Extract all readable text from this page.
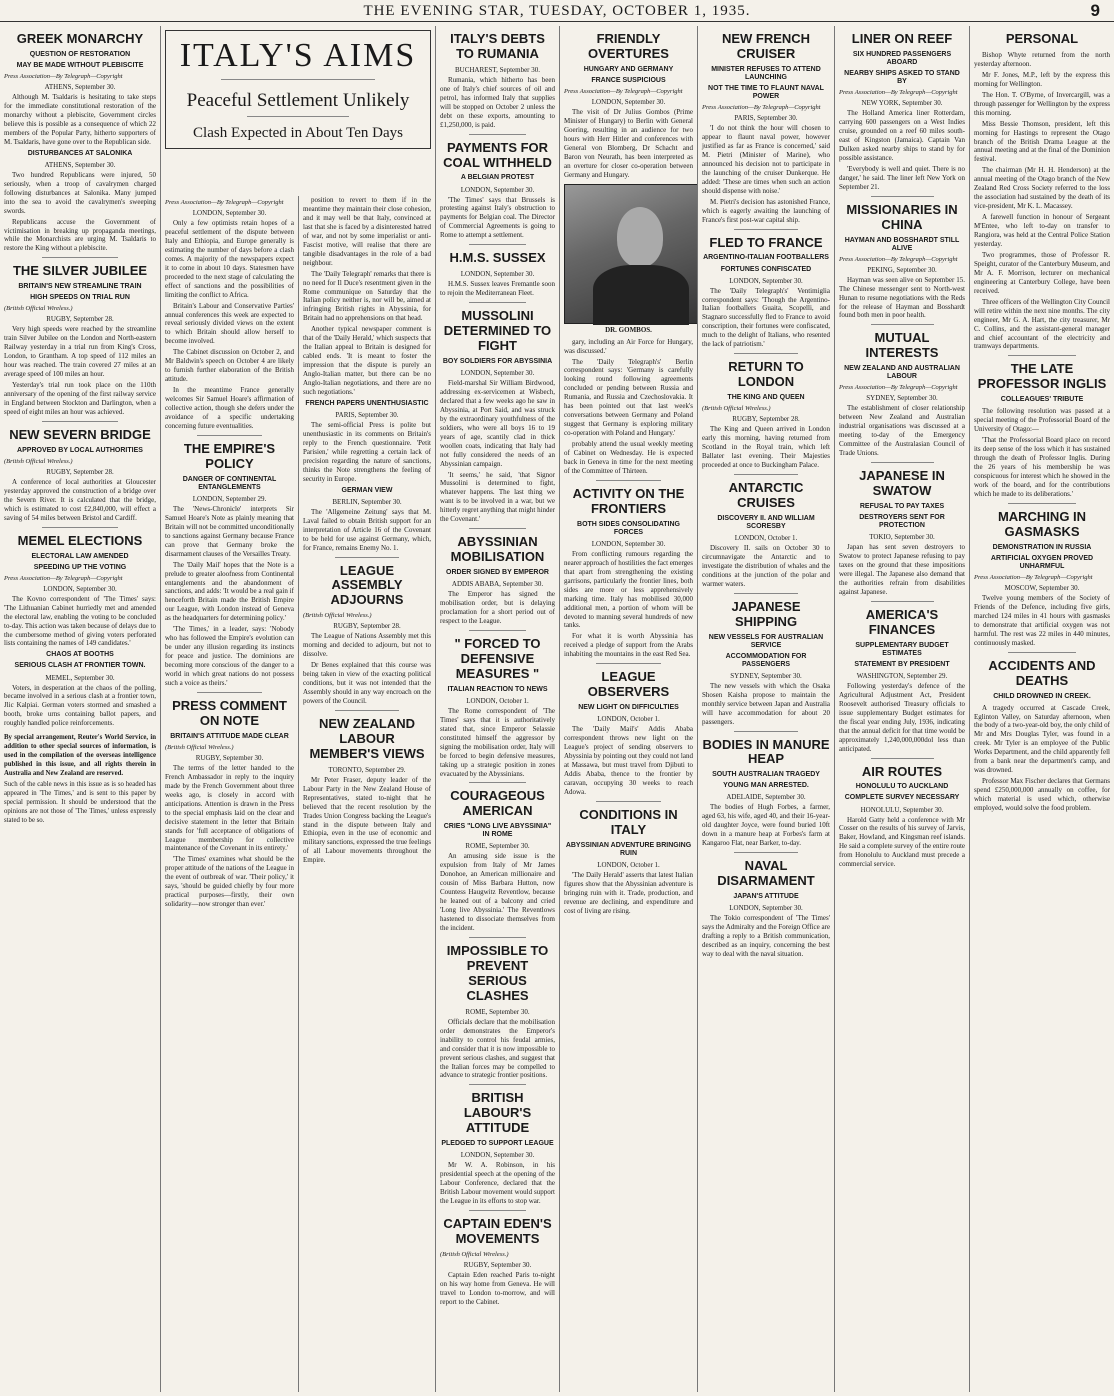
THE EVENING STAR, TUESDAY, OCTOBER 1, 1935.	9
GREEK MONARCHY
QUESTION OF RESTORATION
MAY BE MADE WITHOUT PLEBISCITE
Press Association—By Telegraph—Copyright
ATHENS, September 30.

Although M. Tsaldaris is hesitating to take steps for the immediate constitutional restoration of the monarchy without a plebiscite, Government circles believe this is possible as a consequence of which 22 members of the Popular Party, hitherto supporters of M. Tsaldaris, have gone over to the Republican side.

DISTURBANCES AT SALONIKA
ATHENS, September 30.

Two hundred Republicans were injured, 50 seriously, when a troop of cavalrymen charged following disturbances at Salonika. Many jumped into the sea to avoid the cavalrymen's sweeping swords.

Republicans accuse the Government of victimisation in breaking up propaganda meetings, while the Monarchists are urging M. Tsaldaris to restore the King without a plebiscite.

THE SILVER JUBILEE
BRITAIN'S NEW STREAMLINE TRAIN
HIGH SPEEDS ON TRIAL RUN
(British Official Wireless.)
RUGBY, September 28.

Very high speeds were reached by the streamline train Silver Jubilee on the London and North-eastern Railway yesterday in a trial run from King's Cross, London, to Grantham. A top speed of 112 miles an hour was reached. The train covered 27 miles at an average speed of 100 miles an hour.

Yesterday's trial run took place on the 110th anniversary of the opening of the first railway service in England between Stockton and Darlington, when a speed of eight miles an hour was achieved.

NEW SEVERN BRIDGE
APPROVED BY LOCAL AUTHORITIES
(British Official Wireless.)
RUGBY, September 28.

A conference of local authorities at Gloucester yesterday approved the construction of a bridge over the Severn River. It is calculated that the bridge, which is estimated to cost £2,840,000, will effect a saving of 54 miles between Bristol and Cardiff.

MEMEL ELECTIONS
ELECTORAL LAW AMENDED
SPEEDING UP THE VOTING
Press Association—By Telegraph—Copyright
LONDON, September 30.

The Kovno correspondent of 'The Times' says: 'The Lithuanian Cabinet hurriedly met and amended the electoral law, enabling the voting to be concluded to-day. This action was taken because of delays due to the cumbersome method of giving voters perforated lists containing the names of 149 candidates.'

CHAOS AT BOOTHS
SERIOUS CLASH AT FRONTIER TOWN.
MEMEL, September 30.

Voters, in desperation at the chaos of the polling, became involved in a serious clash at a frontier town, Jlic Kalpiai. German voters stormed and smashed a booth, broke urns containing ballot papers, and roughly handled police reinforcements.

By special arrangement, Reuter's World Service, in addition to other special sources of information, is used in the compilation of the overseas intelligence published in this issue, and all rights therein in Australia and New Zealand are reserved.
Such of the cable news in this issue as is so headed has appeared in 'The Times,' and is sent to this paper by special permission. It should be understood that the opinions are not those of 'The Times,' unless expressly stated to be so.
ITALY'S AIMS
Peaceful Settlement Unlikely
Clash Expected in About Ten Days
Press Association—By Telegraph—Copyright
LONDON, September 30.

Only a few optimists retain hopes of a peaceful settlement of the dispute between Italy and Ethiopia, and Europe generally is estimating the number of days before a clash comes. A majority of the newspapers expect it to come in about 10 days. Statesmen have proceeded to the next stage of calculating the effect of sanctions and the possibilities of limiting the conflict to Africa.

Britain's Labour and Conservative Parties' annual conferences this week are expected to reveal seriously divided views on the extent to which Britain should allow herself to become involved.

The Cabinet discussion on October 2, and Mr Baldwin's speech on October 4 are likely to furnish further elaboration of the British attitude.

In the meantime France generally welcomes Sir Samuel Hoare's affirmation of collective action, though she defers under the avoidance of a specific undertaking concerning future eventualities.

THE EMPIRE'S POLICY
DANGER OF CONTINENTAL ENTANGLEMENTS
LONDON, September 29.

The 'News-Chronicle' interprets Sir Samuel Hoare's Note as plainly meaning that Britain will not be committed unconditionally to sanctions against Germany because France can prove that Germany broke the disarmament clauses of the Versailles Treaty.

The 'Daily Mail' hopes that the Note is a prelude to greater aloofness from Continental entanglements and the abandonment of sanctions, and adds: 'It would be a real gain if henceforth Britain made the British Empire our League, with London instead of Geneva as the headquarters for determining policy.'

'The Times,' in a leader, says: 'Nobody who has followed the Empire's evolution can be under any illusion regarding its instincts for peace and justice. The dominions are becoming more conscious of the danger to a world in which great nations do not possess such a voice as theirs.'

PRESS COMMENT ON NOTE
BRITAIN'S ATTITUDE MADE CLEAR
(British Official Wireless.)
RUGBY, September 30.

The terms of the letter handed to the French Ambassador in reply to the inquiry made by the French Government about three weeks ago, is closely in accord with anticipations. Attention is drawn in the Press to the special emphasis laid on the clear and decisive statement in the letter that Britain stands for 'full acceptance of obligations of League membership for collective maintenance of the Covenant in its entirety.'

'The Times' examines what should be the proper attitude of the nations of the League in the event of outbreak of war. 'Their policy,' it says, 'should be guided chiefly by four more practical purposes—firstly, their own solidarity—now stronger than ever.'

position to revert to them if in the meantime they maintain their close cohesion, and it may well be that Italy, convinced at last that she is faced by a disinterested hatred of war, and not by some imperialist or anti-Fascist motive, will realise that there are tangible disadvantages in the role of a bad neighbour.

The 'Daily Telegraph' remarks that there is no need for Il Duce's resentment given in the Rome communique on Saturday that the Italian policy neither is, nor will be, aimed at infringing British rights in Abyssinia, for Britain had no apprehensions on that head.

Another typical newspaper comment is that of the 'Daily Herald,' which suspects that the Italian appeal to Britain is designed for cabled ends. 'It is meant to foster the impression that the dispute is purely an Anglo-Italian matter, but there can be no Anglo-Italian negotiations, and there are no such negotiations.'

FRENCH PAPERS UNENTHUSIASTIC
PARIS, September 30.

The semi-official Press is polite but unenthusiastic in its comments on Britain's reply to the French questionnaire. 'Petit Parisien,' while regretting a certain lack of precision regarding the nature of sanctions, thinks the Note strengthens the feeling of security in Europe.

GERMAN VIEW
BERLIN, September 30.

The 'Allgemeine Zeitung' says that M. Laval failed to obtain British support for an interpretation of Article 16 of the Covenant to be held for use against Germany, which, for France, remains Enemy No. 1.

LEAGUE ASSEMBLY ADJOURNS
(British Official Wireless.)
RUGBY, September 28.

The League of Nations Assembly met this morning and decided to adjourn, but not to dissolve.

Dr Benes explained that this course was being taken in view of the exacting political conditions, but it was not intended that the Assembly should in any way encroach on the powers of the Council.

NEW ZEALAND LABOUR MEMBER'S VIEWS
TORONTO, September 29.

Mr Peter Fraser, deputy leader of the Labour Party in the New Zealand House of Representatives, stated to-night that he believed that the recent resolution by the Trades Union Congress backing the League's stand in the dispute between Italy and Ethiopia, even in the use of economic and military sanctions, expressed the true feelings of all Labour movements throughout the Empire.

ITALY'S DEBTS TO RUMANIA
BUCHAREST, September 30.

Rumania, which hitherto has been one of Italy's chief sources of oil and petrol, has informed Italy that supplies will be stopped on October 2 unless the debt on these exports, amounting to £1,250,000, is paid.

PAYMENTS FOR COAL WITHHELD
A BELGIAN PROTEST
LONDON, September 30.

'The Times' says that Brussels is protesting against Italy's obstruction to payments for Belgian coal. The Director of Commercial Agreements is going to Rome to attempt a settlement.

H.M.S. SUSSEX
LONDON, September 30.

H.M.S. Sussex leaves Fremantle soon to rejoin the Mediterranean Fleet.

MUSSOLINI DETERMINED TO FIGHT
BOY SOLDIERS FOR ABYSSINIA
LONDON, September 30.

Field-marshal Sir William Birdwood, addressing ex-servicemen at Wisbech, declared that a few weeks ago he saw in Abyssinia, at Port Said, and was struck by the extraordinary youthfulness of the soldiers, who were all boys 16 to 19 years of age, scantily clad in thick woollen coats, indicating that Italy had not fully considered the needs of an Abyssinian campaign.

'It seems,' he said, 'that Signor Mussolini is determined to fight, whatever happens. The last thing we want is to be involved in a war, but we hitterly regret anything that might hinder the Covenant.'

ABYSSINIAN MOBILISATION
ORDER SIGNED BY EMPEROR
ADDIS ABABA, September 30.

The Emperor has signed the mobilisation order, but is delaying proclamation for a short period out of respect to the League.

" FORCED TO DEFENSIVE MEASURES "
ITALIAN REACTION TO NEWS
LONDON, October 1.

The Rome correspondent of 'The Times' says that it is authoritatively stated that, since Emperor Selassie constituted himself the aggressor by signing the mobilisation order, Italy will be forced to begin defensive measures, taking up a strategic position in zones evacuated by the Abyssinians.

COURAGEOUS AMERICAN
CRIES "LONG LIVE ABYSSINIA" IN ROME
ROME, September 30.

An amusing side issue is the expulsion from Italy of Mr James Donohoe, an American millionaire and cousin of Miss Barbara Hutton, now Countess Haugwitz Reventlow, because he leaned out of a balcony and cried 'Long live Abyssinia.' The Reventlows hastened to dissociate themselves from the incident.

IMPOSSIBLE TO PREVENT SERIOUS CLASHES
ROME, September 30.

Officials declare that the mobilisation order demonstrates the Emperor's inability to control his feudal armies, and consider that it is now impossible to prevent serious clashes, and suggest that the Italian forces may be compelled to advance to strategic frontier positions.

BRITISH LABOUR'S ATTITUDE
PLEDGED TO SUPPORT LEAGUE
LONDON, September 30.

Mr W. A. Robinson, in his presidential speech at the opening of the Labour Conference, declared that the British Labour movement would support the League in its efforts to stop war.

CAPTAIN EDEN'S MOVEMENTS
(British Official Wireless.)
RUGBY, September 30.

Captain Eden reached Paris to-night on his way home from Geneva. He will travel to London to-morrow, and will report to the Cabinet.

FRIENDLY OVERTURES
HUNGARY AND GERMANY
FRANCE SUSPICIOUS
Press Association—By Telegraph—Copyright
LONDON, September 30.

The visit of Dr Julius Gombos (Prime Minister of Hungary) to Berlin with General Goering, resulting in an audience for two hours with Herr Hitler and conferences with General von Blomberg, Dr Schacht and Baron von Neurath, has been interpreted as an overture for closer co-operation between Germany and Hungary.

DR. GOMBOS.

gary, including an Air Force for Hungary, was discussed.'

The 'Daily Telegraph's' Berlin correspondent says: 'Germany is carefully looking round following agreements concluded or pending between Russia and Rumania, and Russia and Czechoslovakia. It has been pointed out that last week's conversations between Germany and Poland suggest that Germany is exploring military co-operation with Poland and Hungary.'

probably attend the usual weekly meeting of Cabinet on Wednesday. He is expected back in Geneva in time for the next meeting of the Committee of Thirteen.

ACTIVITY ON THE FRONTIERS
BOTH SIDES CONSOLIDATING FORCES
LONDON, September 30.

From conflicting rumours regarding the nearer approach of hostilities the fact emerges that apart from strengthening the existing garrisons, particularly the frontier lines, both sides are more or less apprehensively marking time. Italy has mobilised 30,000 additional men, a portion of whom will be devoted to manning several hundreds of new tanks.

For what it is worth Abyssinia has received a pledge of support from the Arabs inhabiting the mountains in the east Red Sea.

LEAGUE OBSERVERS
NEW LIGHT ON DIFFICULTIES
LONDON, October 1.

The 'Daily Mail's' Addis Ababa correspondent throws new light on the League's project of sending observers to Abyssinia by pointing out they could not land at Massawa, but must travel from Djibuti to Addis Ababa, thence to the frontier by caravan, occupying 30 weeks to reach Adowa.

CONDITIONS IN ITALY
ABYSSINIAN ADVENTURE BRINGING RUIN
LONDON, October 1.

'The Daily Herald' asserts that latest Italian figures show that the Abyssinian adventure is bringing ruin with it. Trade, production, and revenue are declining, and expenditure and cost of living are rising.

NEW FRENCH CRUISER
MINISTER REFUSES TO ATTEND LAUNCHING
NOT THE TIME TO FLAUNT NAVAL POWER
Press Association—By Telegraph—Copyright
PARIS, September 30.

'I do not think the hour will chosen to appear to flaunt naval power, however justified as far as France is concerned,' said M. Pietri (Minister of Marine), who announced his decision not to participate in the launching of the cruiser Dunkerque. He added: 'These are times when such an action should dispense with noise.'

M. Pietri's decision has astonished France, which is eagerly awaiting the launching of France's first post-war capital ship.

FLED TO FRANCE
ARGENTINO-ITALIAN FOOTBALLERS
FORTUNES CONFISCATED
LONDON, September 30.

The 'Daily Telegraph's' Ventimiglia correspondent says: 'Though the Argentino-Italian footballers Guaita, Scopelli, and Stagnaro successfully fled to France to avoid conscription, their fortunes were confiscated, much to the delight of Italians, who resented the lack of patriotism.'

RETURN TO LONDON
THE KING AND QUEEN
(British Official Wireless.)
RUGBY, September 28.

The King and Queen arrived in London early this morning, having returned from Scotland in the Royal train, which left Ballater last evening. Their Majesties proceeded at once to Buckingham Palace.

ANTARCTIC CRUISES
DISCOVERY II. AND WILLIAM SCORESBY
LONDON, October 1.

Discovery II. sails on October 30 to circumnavigate the Antarctic and to investigate the distribution of whales and the conditions at the junction of the polar and warmer waters.

JAPANESE SHIPPING
NEW VESSELS FOR AUSTRALIAN SERVICE
ACCOMMODATION FOR PASSENGERS
SYDNEY, September 30.

The new vessels with which the Osaka Shosen Kaisha propose to maintain the monthly service between Japan and Australia will have accommodation for about 20 passengers.

BODIES IN MANURE HEAP
SOUTH AUSTRALIAN TRAGEDY
YOUNG MAN ARRESTED.
ADELAIDE, September 30.

The bodies of Hugh Forbes, a farmer, aged 63, his wife, aged 40, and their 16-year-old daughter Joyce, were found buried 10ft down in a manure heap at Forbes's farm at Kangaroo Flat, near Barker, to-day.

NAVAL DISARMAMENT
JAPAN'S ATTITUDE
LONDON, September 30.

The Tokio correspondent of 'The Times' says the Admiralty and the Foreign Office are drafting a reply to a British communication, described as an inquiry, concerning the best way to deal with the naval situation.

LINER ON REEF
SIX HUNDRED PASSENGERS ABOARD
NEARBY SHIPS ASKED TO STAND BY
Press Association—By Telegraph—Copyright
NEW YORK, September 30.

The Holland America liner Rotterdam, carrying 600 passengers on a West Indies cruise, grounded on a reef 60 miles south-east of Kingston (Jamaica). Captain Van Dulken asked nearby ships to stand by for possible assistance.

'Everybody is well and quiet. There is no danger,' he said. The liner left New York on September 21.

MISSIONARIES IN CHINA
HAYMAN AND BOSSHARDT STILL ALIVE
Press Association—By Telegraph—Copyright
PEKING, September 30.

Hayman was seen alive on September 15. The Chinese messenger sent to North-west Hunan to resume negotiations with the Reds for the release of Hayman and Bosshardt found both men in poor health.

MUTUAL INTERESTS
NEW ZEALAND AND AUSTRALIAN LABOUR
Press Association—By Telegraph—Copyright
SYDNEY, September 30.

The establishment of closer relationship between New Zealand and Australian industrial organisations was discussed at a meeting to-day of the Emergency Committee of the Australasian Council of Trade Unions.

JAPANESE IN SWATOW
REFUSAL TO PAY TAXES
DESTROYERS SENT FOR PROTECTION
TOKIO, September 30.

Japan has sent seven destroyers to Swatow to protect Japanese refusing to pay taxes on the ground that these impositions were illegal. The Japanese also demand that the authorities refrain from disabilities against Japanese.

AMERICA'S FINANCES
SUPPLEMENTARY BUDGET ESTIMATES
STATEMENT BY PRESIDENT
WASHINGTON, September 29.

Following yesterday's defence of the Agricultural Adjustment Act, President Roosevelt authorised Treasury officials to issue supplementary Budget estimates for the fiscal year ending July, 1936, indicating that the annual deficit for that time would be approximately 1,240,000,000dol less than anticipated.

AIR ROUTES
HONOLULU TO AUCKLAND
COMPLETE SURVEY NECESSARY
HONOLULU, September 30.

Harold Gatty held a conference with Mr Cosser on the results of his survey of Jarvis, Baker, Howland, and Kingsman reef islands. He said a complete survey of the entire route from Honolulu to Auckland must precede a commercial service.

PERSONAL

Bishop Whyte returned from the north yesterday afternoon.

Mr F. Jones, M.P., left by the express this morning for Wellington.

The Hon. T. O'Byrne, of Invercargill, was a through passenger for Wellington by the express this morning.

Miss Bessie Thomson, president, left this morning for Hastings to represent the Otago branch of the British Drama League at the annual meeting and at the final of the Dominion festival.

The chairman (Mr H. H. Henderson) at the annual meeting of the Otago branch of the New Zealand Red Cross Society referred to the loss the association had sustained by the death of its vice-president, Mr K. L. Macassey.

A farewell function in honour of Sergeant M'Entee, who left to-day on transfer to Rangiora, was held at the Central Police Station yesterday.

Two programmes, those of Professor R. Speight, curator of the Canterbury Museum, and Mr A. F. Morrison, lecturer on mechanical engineering at Canterbury College, have been received.

Three officers of the Wellington City Council will retire within the next nine months. The city engineer, Mr G. A. Hart, the city treasurer, Mr C. Collins, and the assistant-general manager and chief accountant of the electricity and tramways departments.

THE LATE PROFESSOR INGLIS
COLLEAGUES' TRIBUTE

The following resolution was passed at a special meeting of the Professorial Board of the University of Otago:—

'That the Professorial Board place on record its deep sense of the loss which it has sustained through the death of Professor Inglis. During the 26 years of his membership he was conspicuous for interest which he showed in the work of the board, and for the contributions which he made to its deliberations.'

MARCHING IN GASMASKS
DEMONSTRATION IN RUSSIA
ARTIFICIAL OXYGEN PROVED UNHARMFUL
Press Association—By Telegraph—Copyright
MOSCOW, September 30.

Twelve young members of the Society of Friends of the Defence, including five girls, marched 124 miles in 41 hours with gasmasks to demonstrate that artificial oxygen was not harmful. The rest was 22 miles in 440 minutes, continuously masked.

ACCIDENTS AND DEATHS
CHILD DROWNED IN CREEK.

A tragedy occurred at Cascade Creek, Eglinton Valley, on Saturday afternoon, when the body of a two-year-old boy, the only child of Mr and Mrs Douglas Tyler, was found in a creek. Mr Tyler is an employee of the Public Works Department, and the child apparently fell from a bank near the department's camp, and was drowned.

Professor Max Fischer declares that Germans spend £250,000,000 annually on coffee, for which material is used which, otherwise employed, would solve the food problem.
